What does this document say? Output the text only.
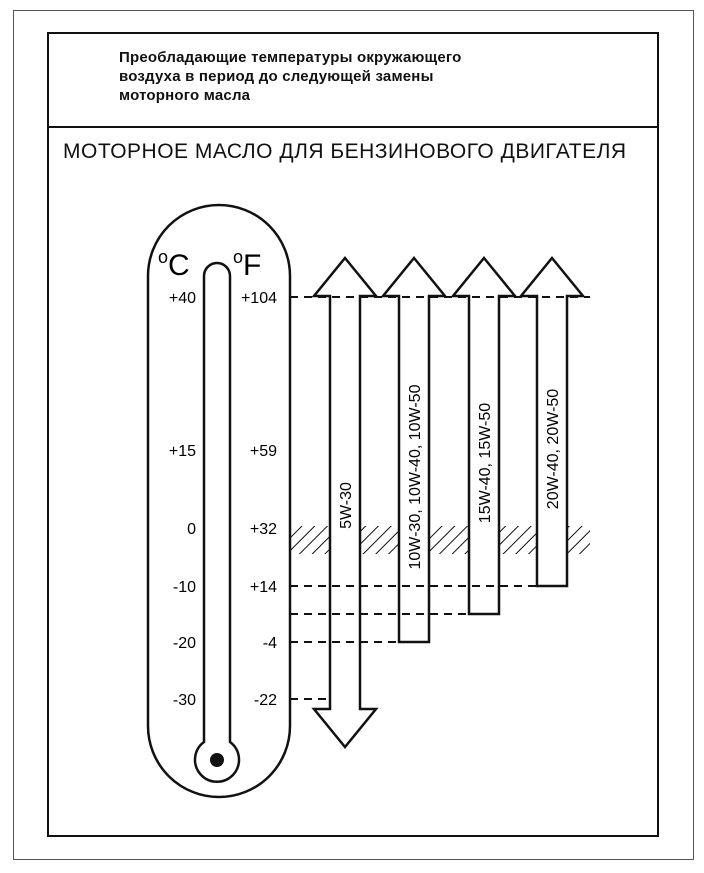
Преобладающие температуры окружающего
воздуха в период до следующей замены
моторного масла
МОТОРНОЕ МАСЛО ДЛЯ БЕНЗИНОВОГО ДВИГАТЕЛЯ
$^o$C $^o$F
+40	+104
+15	+59
0	+32
-10	+14
-20	-4
-30	-22
5W-30	10W-30, 10W-40, 10W-50	15W-40, 15W-50	20W-40, 20W-50
